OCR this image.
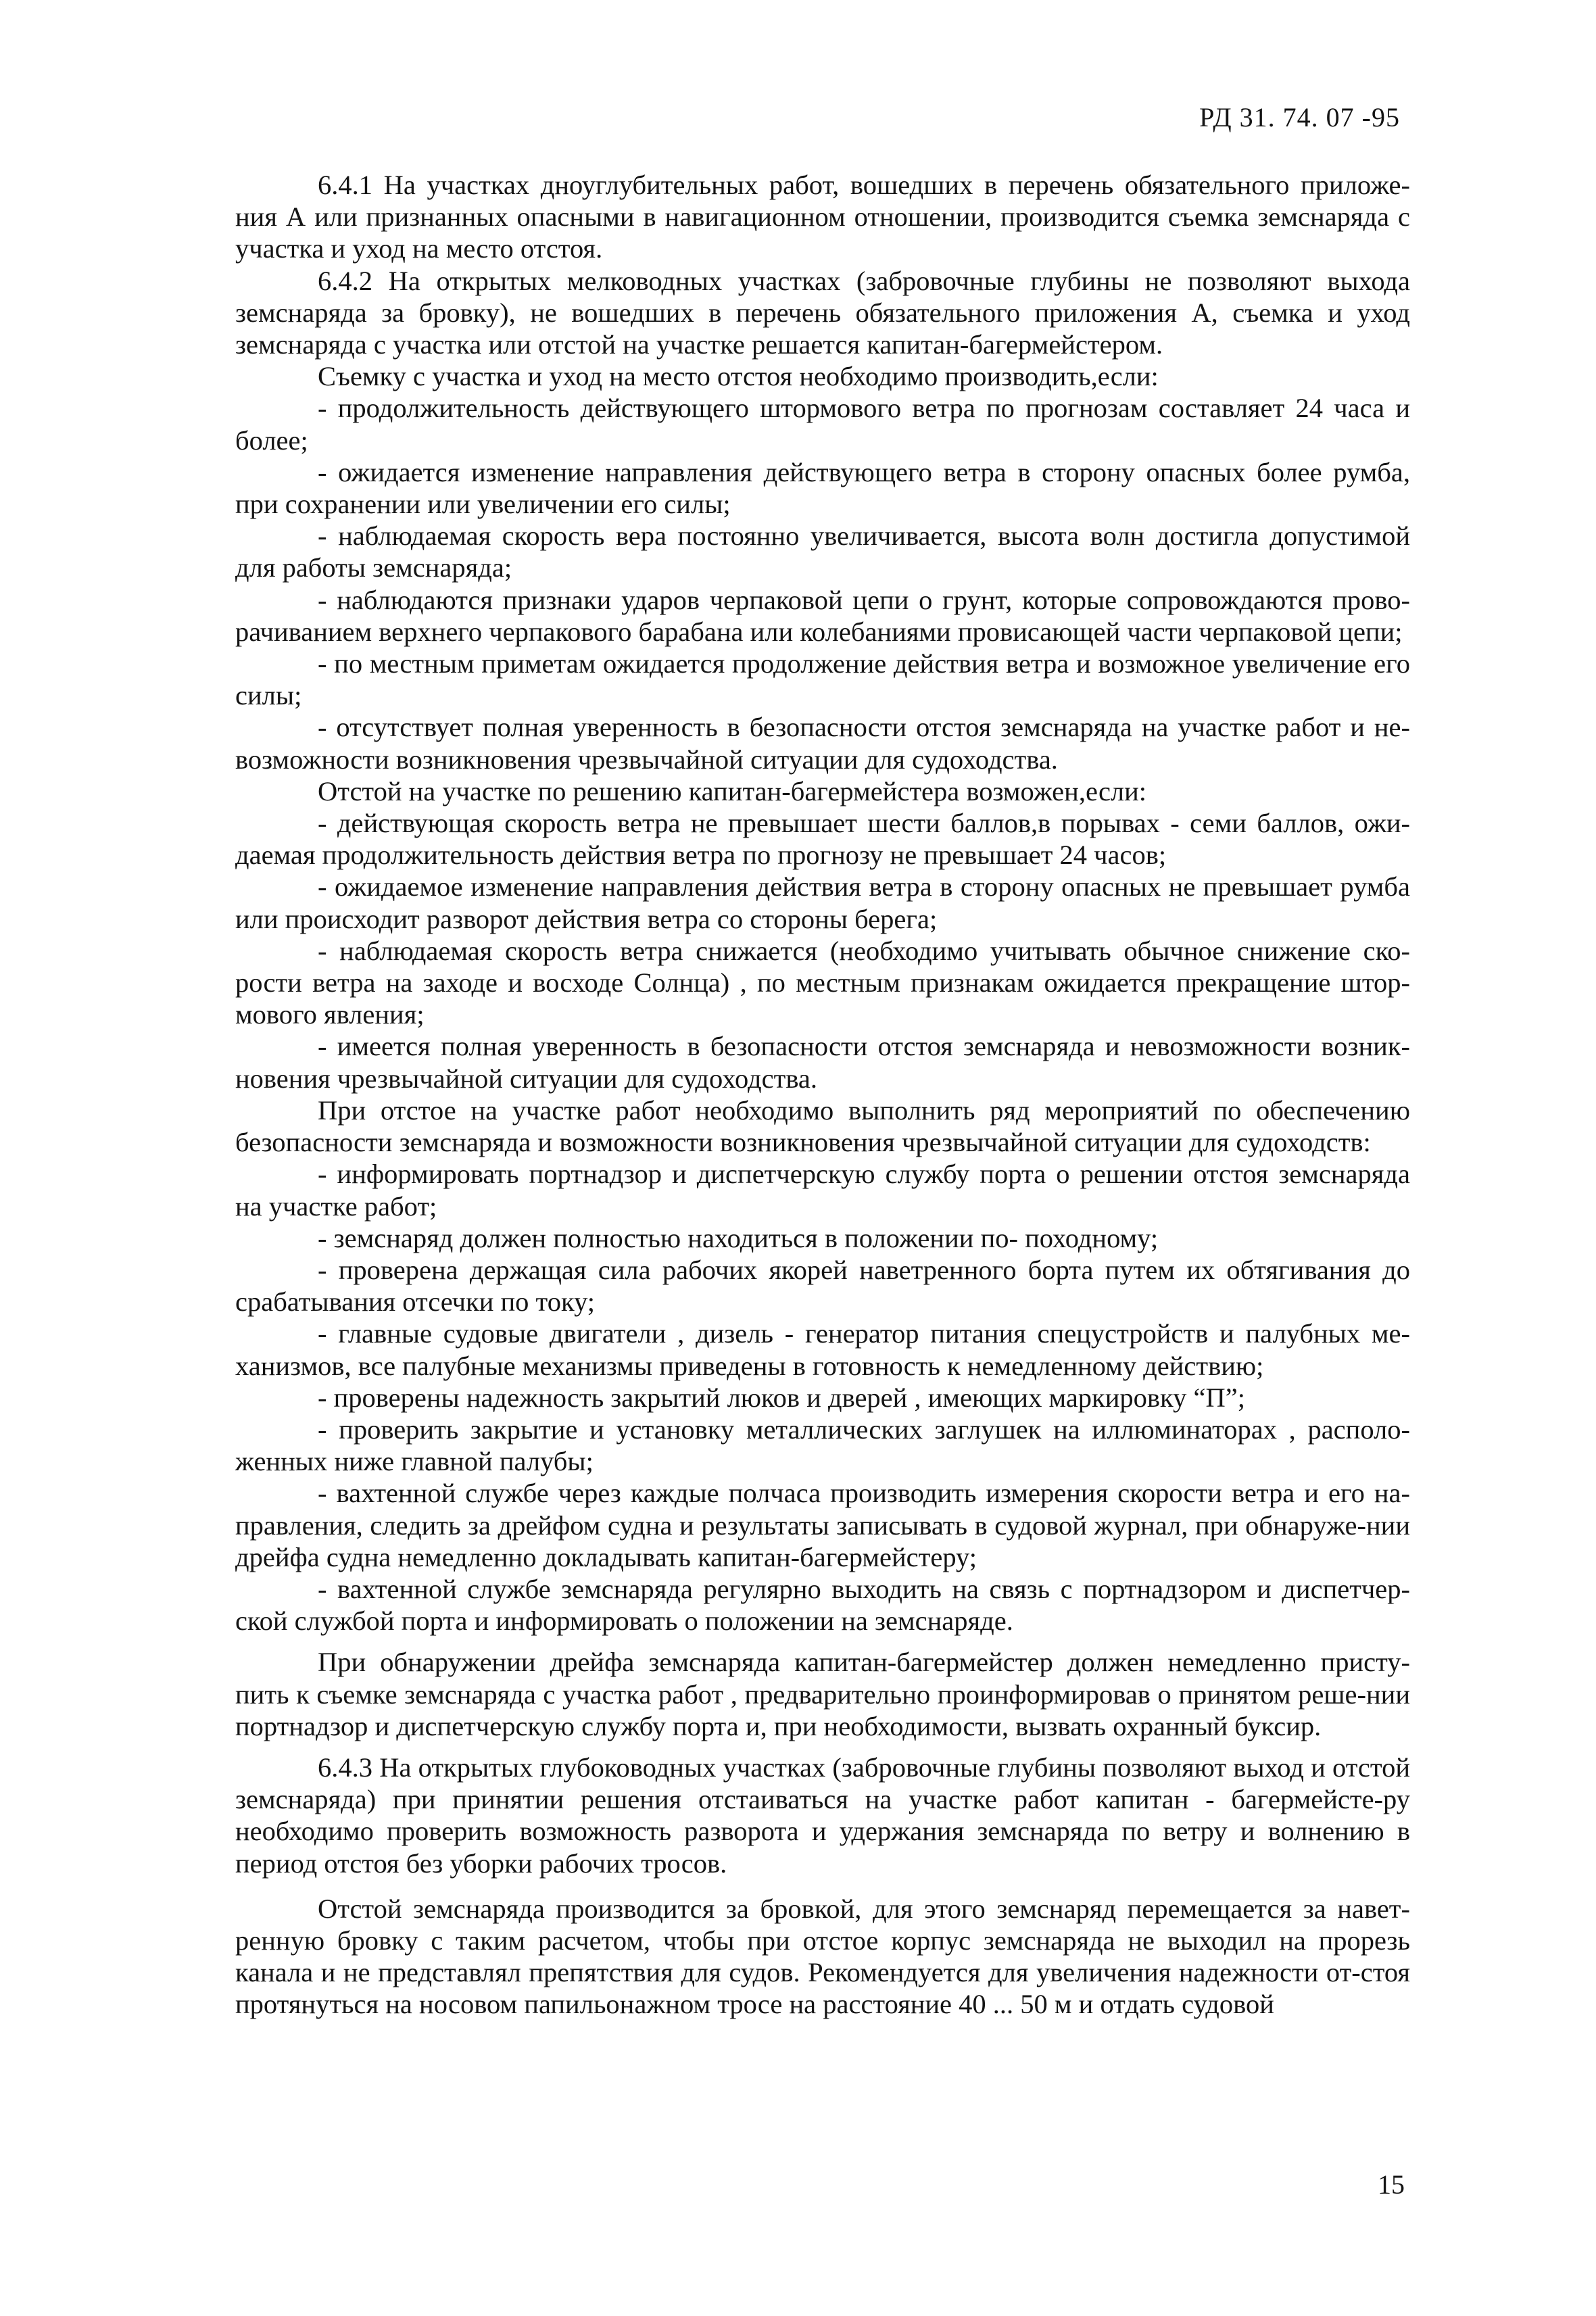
РД 31. 74. 07 -95

6.4.1 На участках дноуглубительных работ, вошедших в перечень обязательного приложе-ния А или признанных опасными в навигационном отношении, производится съемка земснаряда с участка и уход на место отстоя.

6.4.2 На открытых мелководных участках (забровочные глубины не позволяют выхода земснаряда за бровку), не вошедших в перечень обязательного приложения А, съемка и уход земснаряда с участка или отстой на участке решается капитан-багермейстером.

Съемку с участка и уход на место отстоя необходимо производить,если:

- продолжительность действующего штормового ветра по прогнозам составляет 24 часа и более;

- ожидается изменение направления действующего ветра в сторону опасных более румба, при сохранении или увеличении его силы;

- наблюдаемая скорость вера постоянно увеличивается, высота волн достигла допустимой для работы земснаряда;

- наблюдаются признаки ударов черпаковой цепи о грунт, которые сопровождаются прово-рачиванием верхнего черпакового барабана или колебаниями провисающей части черпаковой цепи;

- по местным приметам ожидается продолжение действия ветра и возможное увеличение его силы;

- отсутствует полная уверенность в безопасности отстоя земснаряда на участке работ и не-возможности возникновения чрезвычайной ситуации для судоходства.

Отстой на участке по решению капитан-багермейстера возможен,если:

- действующая скорость ветра не превышает шести баллов,в порывах - семи баллов, ожи-даемая продолжительность действия ветра по прогнозу не превышает 24 часов;

- ожидаемое изменение направления действия ветра в сторону опасных не превышает румба или происходит разворот действия ветра со стороны берега;

- наблюдаемая скорость ветра снижается (необходимо учитывать обычное снижение ско-рости ветра на заходе и восходе Солнца) , по местным признакам ожидается прекращение штор-мового явления;

- имеется полная уверенность в безопасности отстоя земснаряда и невозможности возник-новения чрезвычайной ситуации для судоходства.

При отстое на участке работ необходимо выполнить ряд мероприятий по обеспечению безопасности земснаряда и возможности возникновения чрезвычайной ситуации для судоходств:

- информировать портнадзор и диспетчерскую службу порта о решении отстоя земснаряда на участке работ;

- земснаряд должен полностью находиться в положении по- походному;

- проверена держащая сила рабочих якорей наветренного борта путем их обтягивания до срабатывания отсечки по току;

- главные судовые двигатели , дизель - генератор питания спецустройств и палубных ме-ханизмов, все палубные механизмы приведены в готовность к немедленному действию;

- проверены надежность закрытий люков и дверей , имеющих маркировку “П”;

- проверить закрытие и установку металлических заглушек на иллюминаторах , располо-женных ниже главной палубы;

- вахтенной службе через каждые полчаса производить измерения скорости ветра и его на-правления, следить за дрейфом судна и результаты записывать в судовой журнал, при обнаруже-нии дрейфа судна немедленно докладывать капитан-багермейстеру;

- вахтенной службе земснаряда регулярно выходить на связь с портнадзором и диспетчер-ской службой порта и информировать о положении на земснаряде.

При обнаружении дрейфа земснаряда капитан-багермейстер должен немедленно присту-пить к съемке земснаряда с участка работ , предварительно проинформировав о принятом реше-нии портнадзор и диспетчерскую службу порта и, при необходимости, вызвать охранный буксир.

6.4.3 На открытых глубоководных участках (забровочные глубины позволяют выход и отстой земснаряда) при принятии решения отстаиваться на участке работ капитан - багермейсте-ру необходимо проверить возможность разворота и удержания земснаряда по ветру и волнению в период отстоя без уборки рабочих тросов.

Отстой земснаряда производится за бровкой, для этого земснаряд перемещается за навет-ренную бровку с таким расчетом, чтобы при отстое корпус земснаряда не выходил на прорезь канала и не представлял препятствия для судов. Рекомендуется для увеличения надежности от-стоя протянуться на носовом папильонажном тросе на расстояние 40 ... 50 м и отдать судовой

15
